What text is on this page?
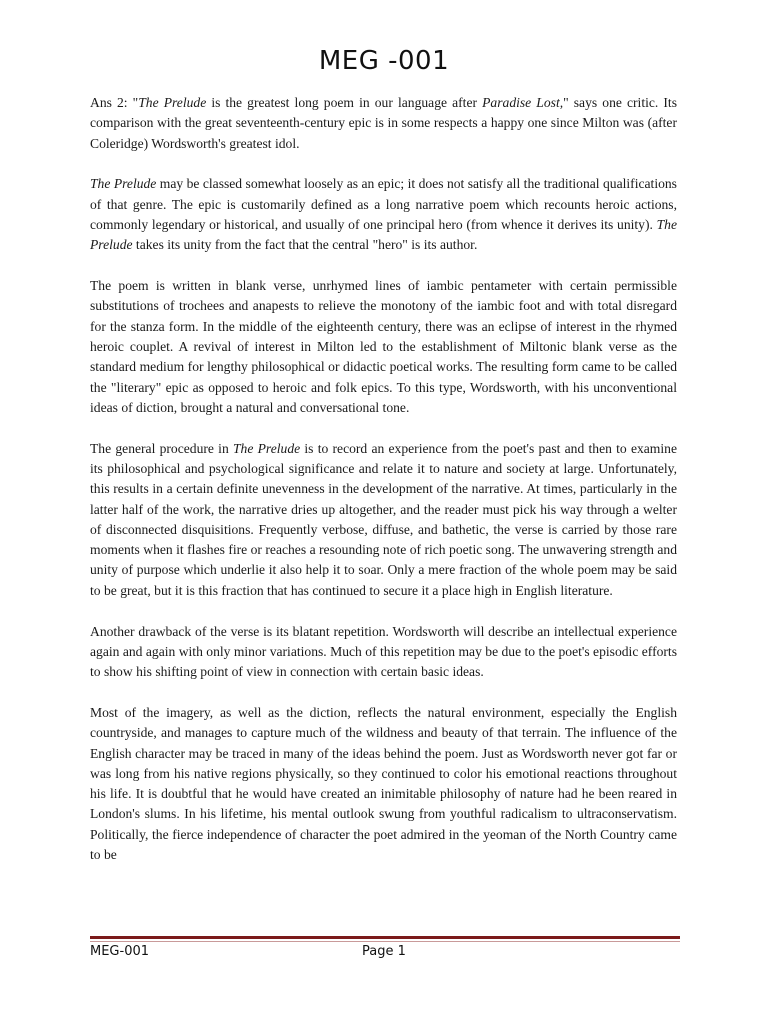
MEG -001

Ans 2: "The Prelude is the greatest long poem in our language after Paradise Lost," says one critic. Its comparison with the great seventeenth-century epic is in some respects a happy one since Milton was (after Coleridge) Wordsworth's greatest idol.

The Prelude may be classed somewhat loosely as an epic; it does not satisfy all the traditional qualifications of that genre. The epic is customarily defined as a long narrative poem which recounts heroic actions, commonly legendary or historical, and usually of one principal hero (from whence it derives its unity). The Prelude takes its unity from the fact that the central "hero" is its author.

The poem is written in blank verse, unrhymed lines of iambic pentameter with certain permissible substitutions of trochees and anapests to relieve the monotony of the iambic foot and with total disregard for the stanza form. In the middle of the eighteenth century, there was an eclipse of interest in the rhymed heroic couplet. A revival of interest in Milton led to the establishment of Miltonic blank verse as the standard medium for lengthy philosophical or didactic poetical works. The resulting form came to be called the "literary" epic as opposed to heroic and folk epics. To this type, Wordsworth, with his unconventional ideas of diction, brought a natural and conversational tone.

The general procedure in The Prelude is to record an experience from the poet's past and then to examine its philosophical and psychological significance and relate it to nature and society at large. Unfortunately, this results in a certain definite unevenness in the development of the narrative. At times, particularly in the latter half of the work, the narrative dries up altogether, and the reader must pick his way through a welter of disconnected disquisitions. Frequently verbose, diffuse, and bathetic, the verse is carried by those rare moments when it flashes fire or reaches a resounding note of rich poetic song. The unwavering strength and unity of purpose which underlie it also help it to soar. Only a mere fraction of the whole poem may be said to be great, but it is this fraction that has continued to secure it a place high in English literature.

Another drawback of the verse is its blatant repetition. Wordsworth will describe an intellectual experience again and again with only minor variations. Much of this repetition may be due to the poet's episodic efforts to show his shifting point of view in connection with certain basic ideas.

Most of the imagery, as well as the diction, reflects the natural environment, especially the English countryside, and manages to capture much of the wildness and beauty of that terrain. The influence of the English character may be traced in many of the ideas behind the poem. Just as Wordsworth never got far or was long from his native regions physically, so they continued to color his emotional reactions throughout his life. It is doubtful that he would have created an inimitable philosophy of nature had he been reared in London's slums. In his lifetime, his mental outlook swung from youthful radicalism to ultraconservatism. Politically, the fierce independence of character the poet admired in the yeoman of the North Country came to be

MEG-001	Page 1
